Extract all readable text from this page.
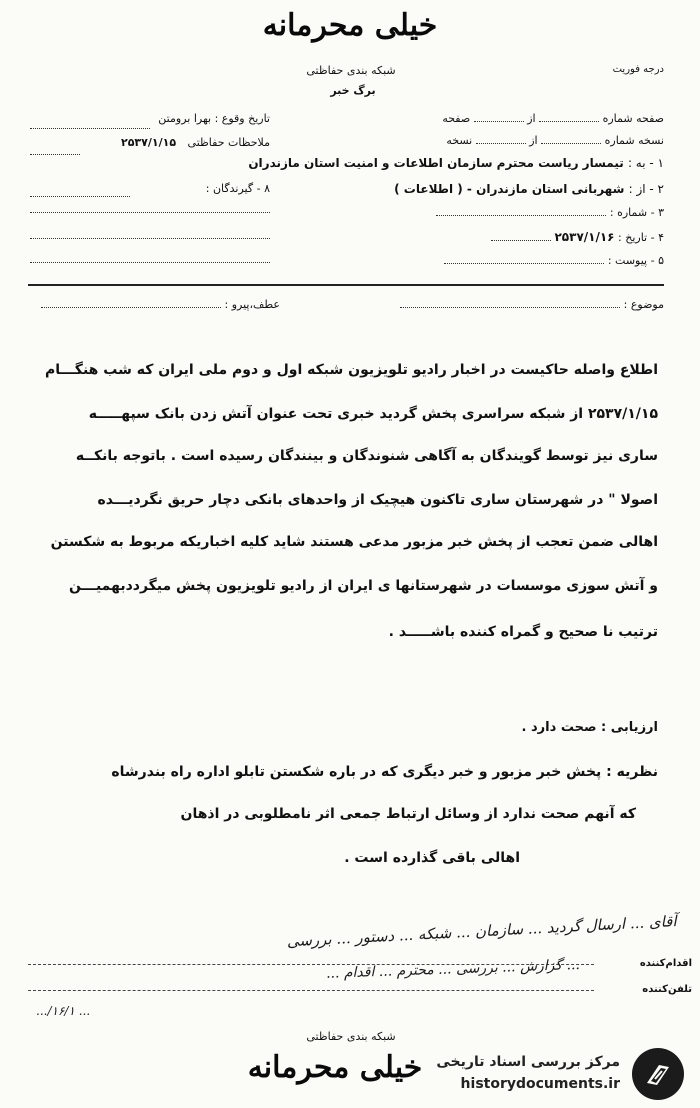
خیلی محرمانه
درجه فوریت
شبکه بندی حفاظتی
برگ خبر
تاریخ وقوع : بهرا برومتن
ملاحظات حفاظتی ۲۵۳۷/۱/۱۵
۸ - گیرندگان :
صفحه شماره  از  صفحه
نسخه شماره  از  نسخه
۱ - به : تیمسار ریاست محترم سازمان اطلاعات و امنیت استان مازندران
۲ - از : شهربانی استان مازندران - ( اطلاعات )
۳ - شماره :
۴ - تاریخ : ۲۵۳۷/۱/۱۶
۵ - پیوست :
موضوع :
عطف،پیرو :
اطلاع واصله حاکیست در اخبار رادیو تلویزیون شبکه اول و دوم ملی ایران که شب هنگـــام
۲۵۳۷/۱/۱۵ از شبکه سراسری پخش گردید خبری تحت عنوان آتش زدن بانک سپهـــــه
ساری نیز توسط گویندگان به آگاهی شنوندگان و بینندگان رسیده است . باتوجه بانکــه
اصولا " در شهرستان ساری تاکنون هیچیک از واحدهای بانکی دچار حریق نگردیـــده
اهالی ضمن تعجب از پخش خبر مزبور مدعی هستند شاید کلیه اخباریکه مربوط به شکستن
و آتش سوزی موسسات در شهرستانها ی ایران از رادیو تلویزیون پخش میگرددبهمیـــن
ترتیب نا صحیح و گمراه کننده باشـــــد .
ارزیابی : صحت دارد .
نظریه : پخش خبر مزبور و خبر دیگری که در باره شکستن تابلو اداره راه بندرشاه
که آنهم صحت ندارد از وسائل ارتباط جمعی اثر نامطلوبی در اذهان
اهالی باقی گذارده است .
آقای ... ارسال گردید ... سازمان ... شبکه ... دستور ... بررسی
... گزارش ... بررسی ... محترم ... اقدام ...	اقدام‌کننده
تلفن‌کننده
... ۱۶/۱/...
شبکه بندی حفاظتی
خیلی محرمانه	مرکز بررسی اسناد تاریخی
historydocuments.ir
